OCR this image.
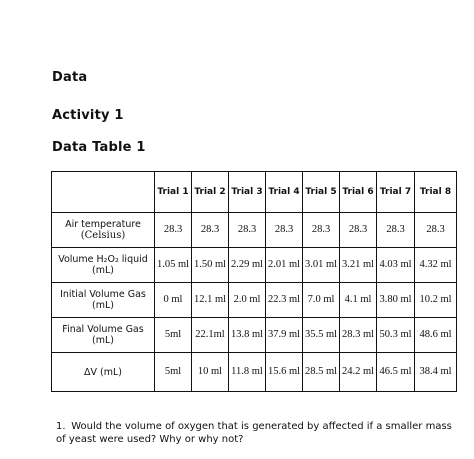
Data
Activity 1
Data Table 1
	Trial 1	Trial 2	Trial 3	Trial 4	Trial 5	Trial 6	Trial 7	Trial 8
Air temperature
(Celsius)	28.3	28.3	28.3	28.3	28.3	28.3	28.3	28.3
Volume H₂O₂ liquid (mL)	1.05 ml	1.50 ml	2.29 ml	2.01 ml	3.01 ml	3.21 ml	4.03 ml	4.32 ml
Initial Volume Gas (mL)	0 ml	12.1 ml	2.0 ml	22.3 ml	7.0 ml	4.1 ml	3.80 ml	10.2 ml
Final Volume Gas (mL)	5ml	22.1ml	13.8 ml	37.9 ml	35.5 ml	28.3 ml	50.3 ml	48.6 ml
ΔV (mL)	5ml	10 ml	11.8 ml	15.6 ml	28.5 ml	24.2 ml	46.5 ml	38.4 ml
1. Would the volume of oxygen that is generated by affected if a smaller mass of yeast were used? Why or why not?
